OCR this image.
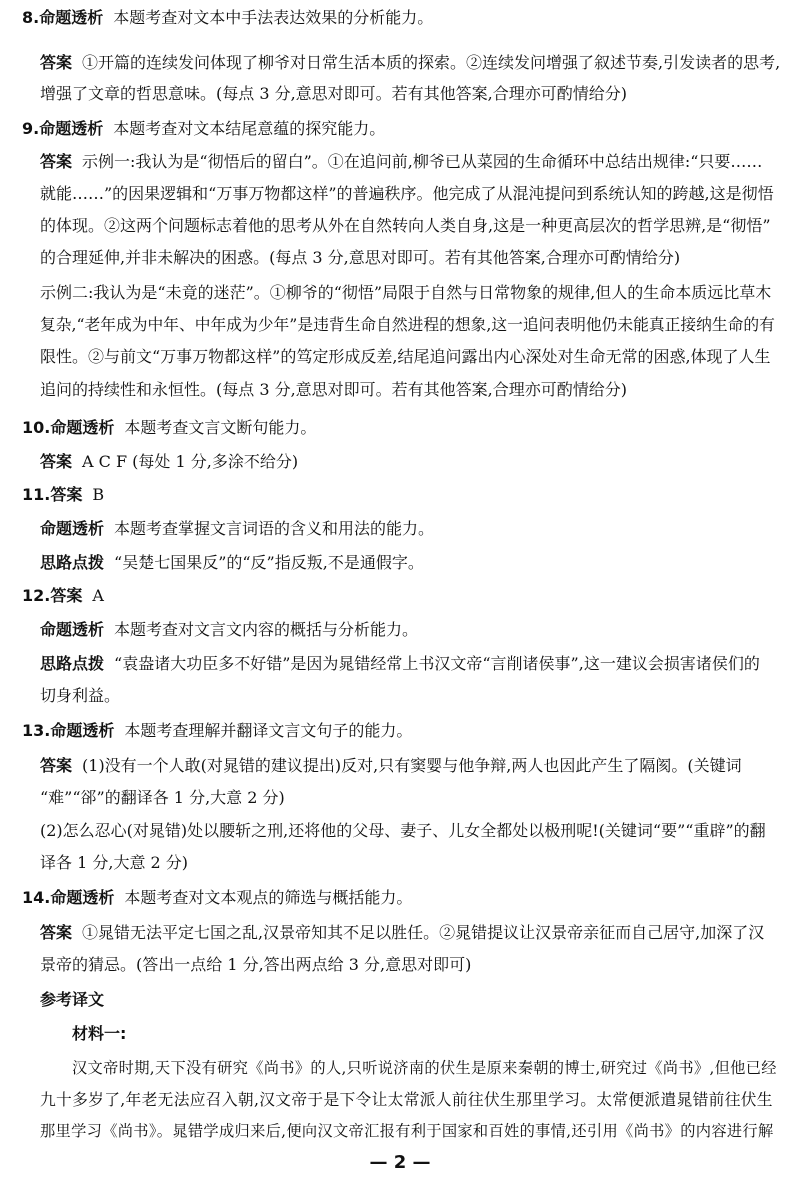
8.命题透析 本题考查对文本中手法表达效果的分析能力。
答案 ①开篇的连续发问体现了柳爷对日常生活本质的探索。②连续发问增强了叙述节奏,引发读者的思考,
增强了文章的哲思意味。(每点 3 分,意思对即可。若有其他答案,合理亦可酌情给分)
9.命题透析 本题考查对文本结尾意蕴的探究能力。
答案 示例一:我认为是“彻悟后的留白”。①在追问前,柳爷已从菜园的生命循环中总结出规律:“只要……
就能……”的因果逻辑和“万事万物都这样”的普遍秩序。他完成了从混沌提问到系统认知的跨越,这是彻悟
的体现。②这两个问题标志着他的思考从外在自然转向人类自身,这是一种更高层次的哲学思辨,是“彻悟”
的合理延伸,并非未解决的困惑。(每点 3 分,意思对即可。若有其他答案,合理亦可酌情给分)
示例二:我认为是“未竟的迷茫”。①柳爷的“彻悟”局限于自然与日常物象的规律,但人的生命本质远比草木
复杂,“老年成为中年、中年成为少年”是违背生命自然进程的想象,这一追问表明他仍未能真正接纳生命的有
限性。②与前文“万事万物都这样”的笃定形成反差,结尾追问露出内心深处对生命无常的困惑,体现了人生
追问的持续性和永恒性。(每点 3 分,意思对即可。若有其他答案,合理亦可酌情给分)
10.命题透析 本题考查文言文断句能力。
答案 A C F (每处 1 分,多涂不给分)
11.答案 B
命题透析 本题考查掌握文言词语的含义和用法的能力。
思路点拨 “吴楚七国果反”的“反”指反叛,不是通假字。
12.答案 A
命题透析 本题考查对文言文内容的概括与分析能力。
思路点拨 “袁盎诸大功臣多不好错”是因为晁错经常上书汉文帝“言削诸侯事”,这一建议会损害诸侯们的
切身利益。
13.命题透析 本题考查理解并翻译文言文句子的能力。
答案 (1)没有一个人敢(对晁错的建议提出)反对,只有窦婴与他争辩,两人也因此产生了隔阂。(关键词
“难”“郤”的翻译各 1 分,大意 2 分)
(2)怎么忍心(对晁错)处以腰斩之刑,还将他的父母、妻子、儿女全都处以极刑呢!(关键词“要”“重辟”的翻
译各 1 分,大意 2 分)
14.命题透析 本题考查对文本观点的筛选与概括能力。
答案 ①晁错无法平定七国之乱,汉景帝知其不足以胜任。②晁错提议让汉景帝亲征而自己居守,加深了汉
景帝的猜忌。(答出一点给 1 分,答出两点给 3 分,意思对即可)
参考译文
材料一:
汉文帝时期,天下没有研究《尚书》的人,只听说济南的伏生是原来秦朝的博士,研究过《尚书》,但他已经
九十多岁了,年老无法应召入朝,汉文帝于是下令让太常派人前往伏生那里学习。太常便派遣晁错前往伏生
那里学习《尚书》。晁错学成归来后,便向汉文帝汇报有利于国家和百姓的事情,还引用《尚书》的内容进行解
— 2 —
